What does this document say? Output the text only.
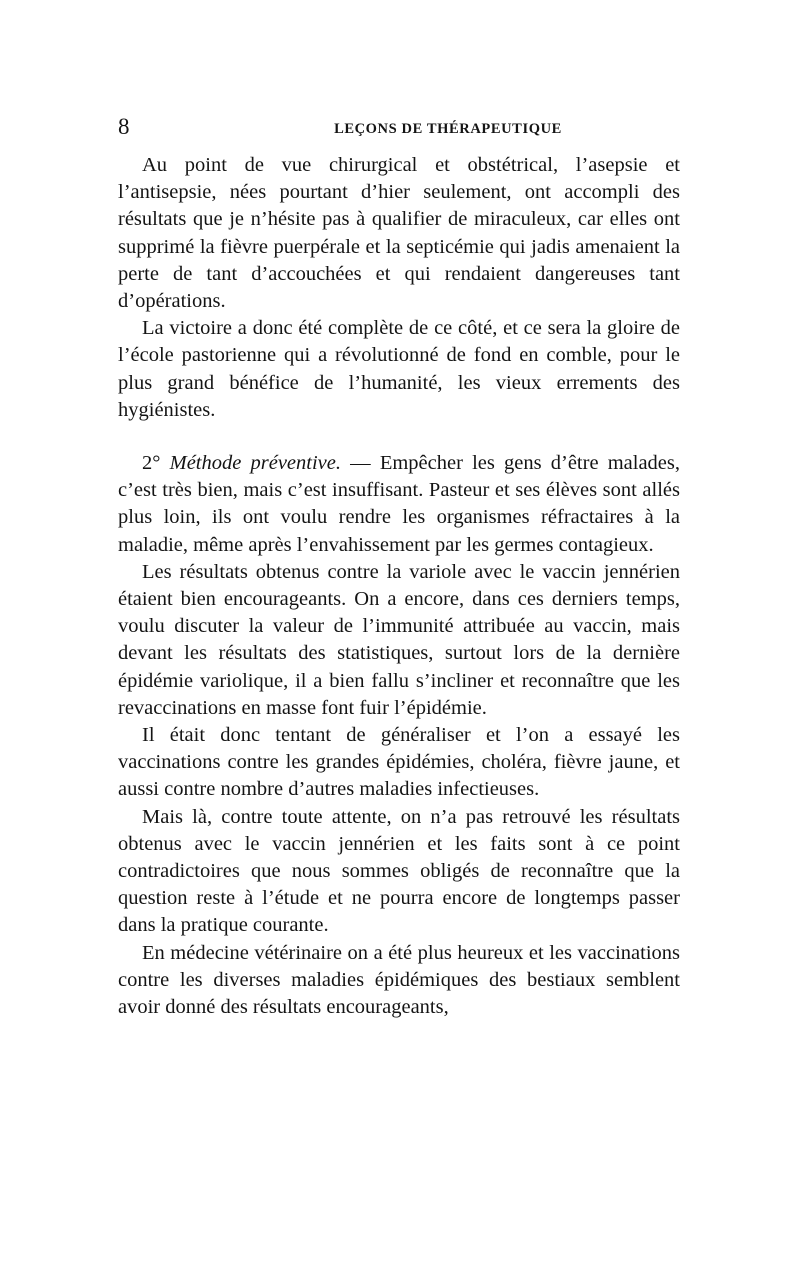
8	LEÇONS DE THÉRAPEUTIQUE

Au point de vue chirurgical et obstétrical, l’asepsie et l’antisepsie, nées pourtant d’hier seulement, ont accompli des résultats que je n’hésite pas à qualifier de miraculeux, car elles ont supprimé la fièvre puerpérale et la septicémie qui jadis amenaient la perte de tant d’accouchées et qui rendaient dangereuses tant d’opérations.

La victoire a donc été complète de ce côté, et ce sera la gloire de l’école pastorienne qui a révolutionné de fond en comble, pour le plus grand bénéfice de l’humanité, les vieux errements des hygiénistes.

2° Méthode préventive. — Empêcher les gens d’être malades, c’est très bien, mais c’est insuffisant. Pasteur et ses élèves sont allés plus loin, ils ont voulu rendre les organismes réfractaires à la maladie, même après l’envahissement par les germes contagieux.

Les résultats obtenus contre la variole avec le vaccin jennérien étaient bien encourageants. On a encore, dans ces derniers temps, voulu discuter la valeur de l’immunité attribuée au vaccin, mais devant les résultats des statistiques, surtout lors de la dernière épidémie variolique, il a bien fallu s’incliner et reconnaître que les revaccinations en masse font fuir l’épidémie.

Il était donc tentant de généraliser et l’on a essayé les vaccinations contre les grandes épidémies, choléra, fièvre jaune, et aussi contre nombre d’autres maladies infectieuses.

Mais là, contre toute attente, on n’a pas retrouvé les résultats obtenus avec le vaccin jennérien et les faits sont à ce point contradictoires que nous sommes obligés de reconnaître que la question reste à l’étude et ne pourra encore de longtemps passer dans la pratique courante.

En médecine vétérinaire on a été plus heureux et les vaccinations contre les diverses maladies épidémiques des bestiaux semblent avoir donné des résultats encourageants,
